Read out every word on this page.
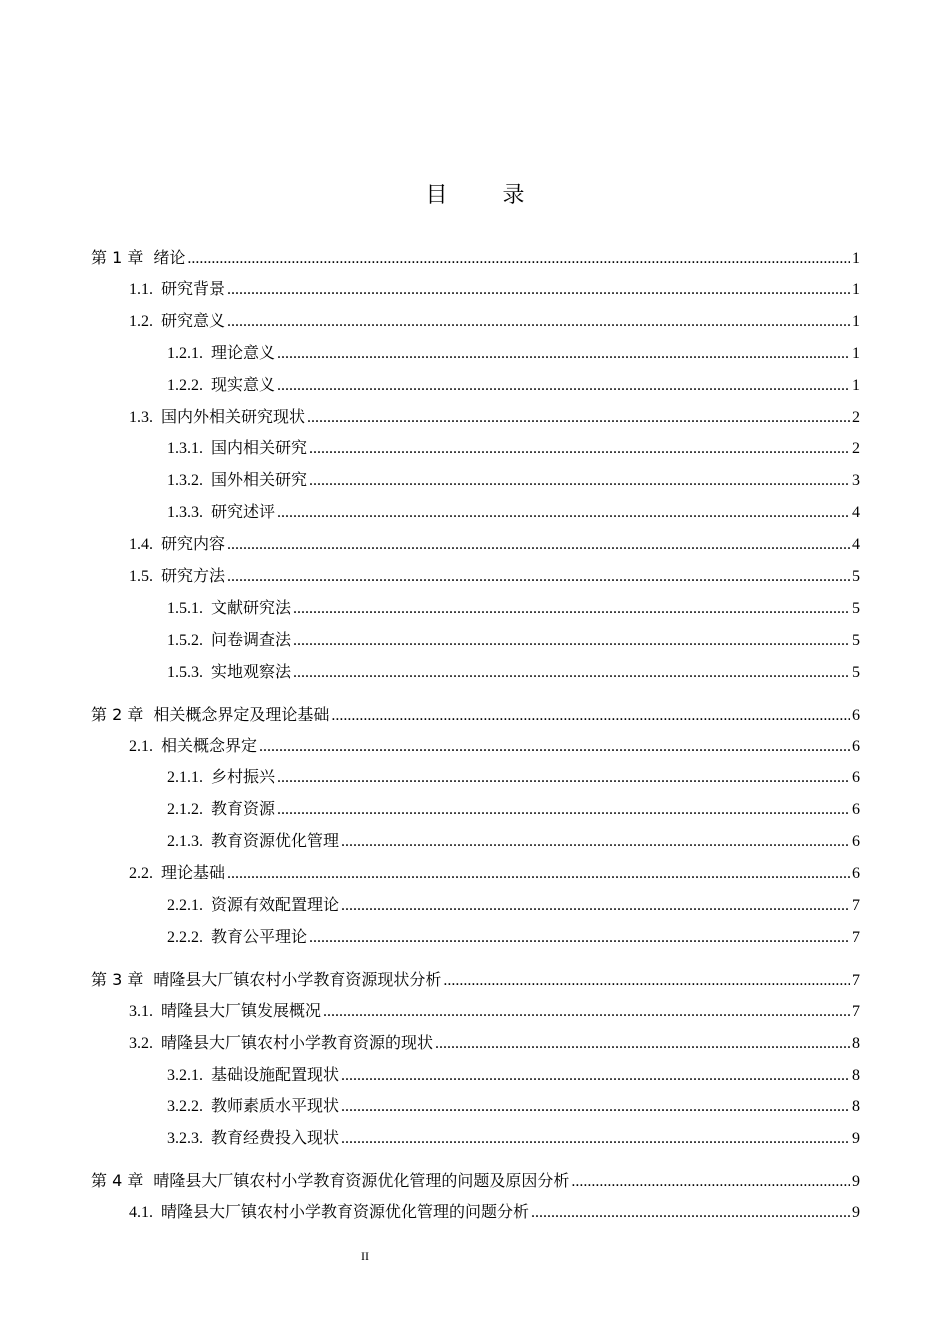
目 录
第 1 章 绪论 .....	1
1.1. 研究背景 .....	1
1.2. 研究意义 .....	1
1.2.1. 理论意义 .....	1
1.2.2. 现实意义 .....	1
1.3. 国内外相关研究现状 .....	2
1.3.1. 国内相关研究 .....	2
1.3.2. 国外相关研究 .....	3
1.3.3. 研究述评 .....	4
1.4. 研究内容 .....	4
1.5. 研究方法 .....	5
1.5.1. 文献研究法 .....	5
1.5.2. 问卷调查法 .....	5
1.5.3. 实地观察法 .....	5
第 2 章 相关概念界定及理论基础 .....	6
2.1. 相关概念界定 .....	6
2.1.1. 乡村振兴 .....	6
2.1.2. 教育资源 .....	6
2.1.3. 教育资源优化管理 .....	6
2.2. 理论基础 .....	6
2.2.1. 资源有效配置理论 .....	7
2.2.2. 教育公平理论 .....	7
第 3 章 晴隆县大厂镇农村小学教育资源现状分析 .....	7
3.1. 晴隆县大厂镇发展概况 .....	7
3.2. 晴隆县大厂镇农村小学教育资源的现状 .....	8
3.2.1. 基础设施配置现状 .....	8
3.2.2. 教师素质水平现状 .....	8
3.2.3. 教育经费投入现状 .....	9
第 4 章 晴隆县大厂镇农村小学教育资源优化管理的问题及原因分析 .....	9
4.1. 晴隆县大厂镇农村小学教育资源优化管理的问题分析 .....	9
II
